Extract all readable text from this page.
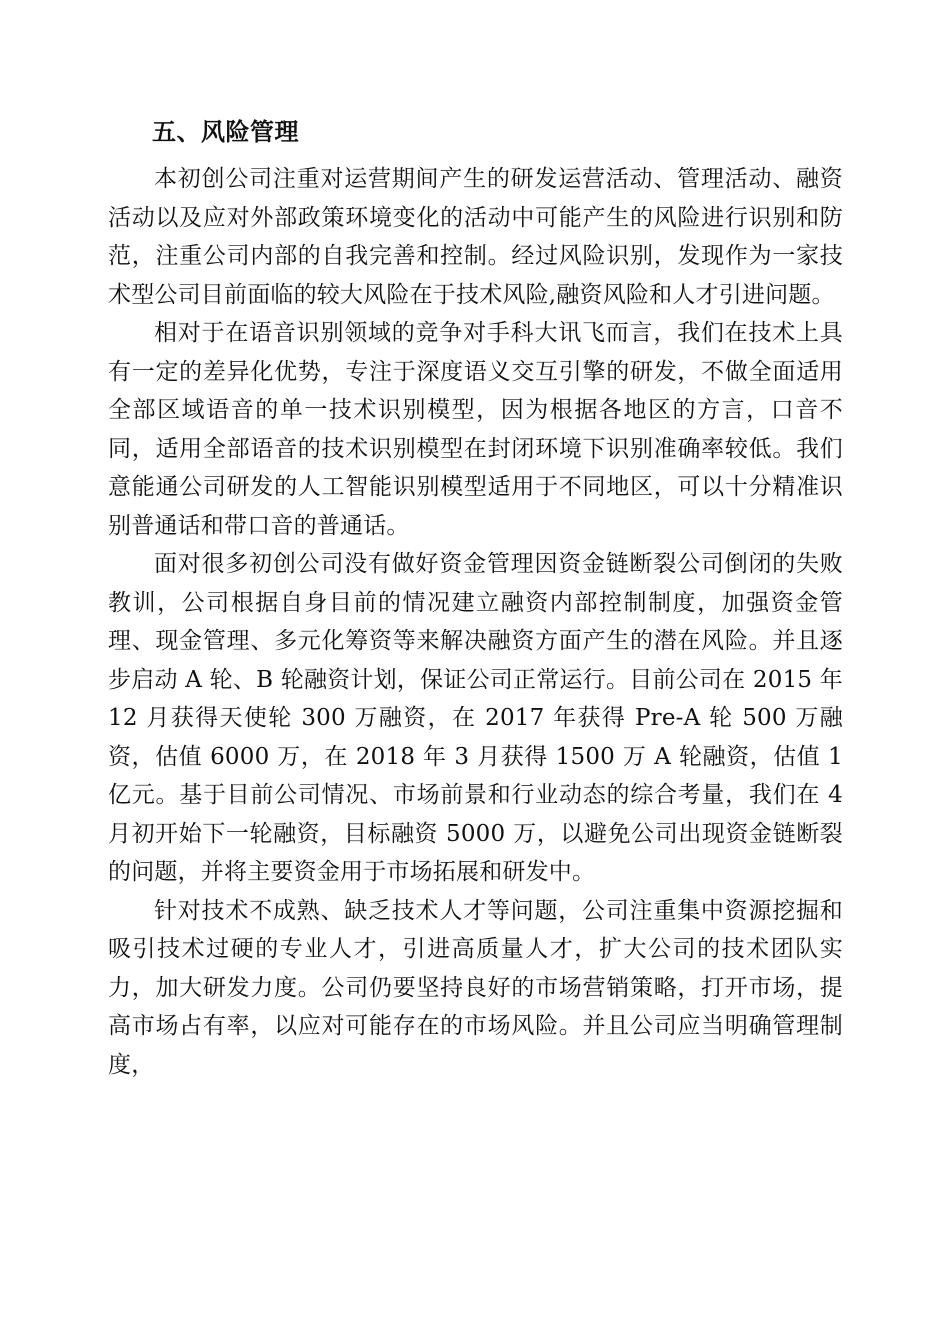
五、风险管理

本初创公司注重对运营期间产生的研发运营活动、管理活动、融资活动以及应对外部政策环境变化的活动中可能产生的风险进行识别和防范，注重公司内部的自我完善和控制。经过风险识别，发现作为一家技术型公司目前面临的较大风险在于技术风险,融资风险和人才引进问题。

相对于在语音识别领域的竞争对手科大讯飞而言，我们在技术上具有一定的差异化优势，专注于深度语义交互引擎的研发，不做全面适用全部区域语音的单一技术识别模型，因为根据各地区的方言，口音不同，适用全部语音的技术识别模型在封闭环境下识别准确率较低。我们意能通公司研发的人工智能识别模型适用于不同地区，可以十分精准识别普通话和带口音的普通话。

面对很多初创公司没有做好资金管理因资金链断裂公司倒闭的失败教训，公司根据自身目前的情况建立融资内部控制制度，加强资金管理、现金管理、多元化筹资等来解决融资方面产生的潜在风险。并且逐步启动 A 轮、B 轮融资计划，保证公司正常运行。目前公司在 2015 年 12 月获得天使轮 300 万融资，在 2017 年获得 Pre-A 轮 500 万融资，估值 6000 万，在 2018 年 3 月获得 1500 万 A 轮融资，估值 1 亿元。基于目前公司情况、市场前景和行业动态的综合考量，我们在 4 月初开始下一轮融资，目标融资 5000 万，以避免公司出现资金链断裂的问题，并将主要资金用于市场拓展和研发中。

针对技术不成熟、缺乏技术人才等问题，公司注重集中资源挖掘和吸引技术过硬的专业人才，引进高质量人才，扩大公司的技术团队实力，加大研发力度。公司仍要坚持良好的市场营销策略，打开市场，提高市场占有率，以应对可能存在的市场风险。并且公司应当明确管理制度，
